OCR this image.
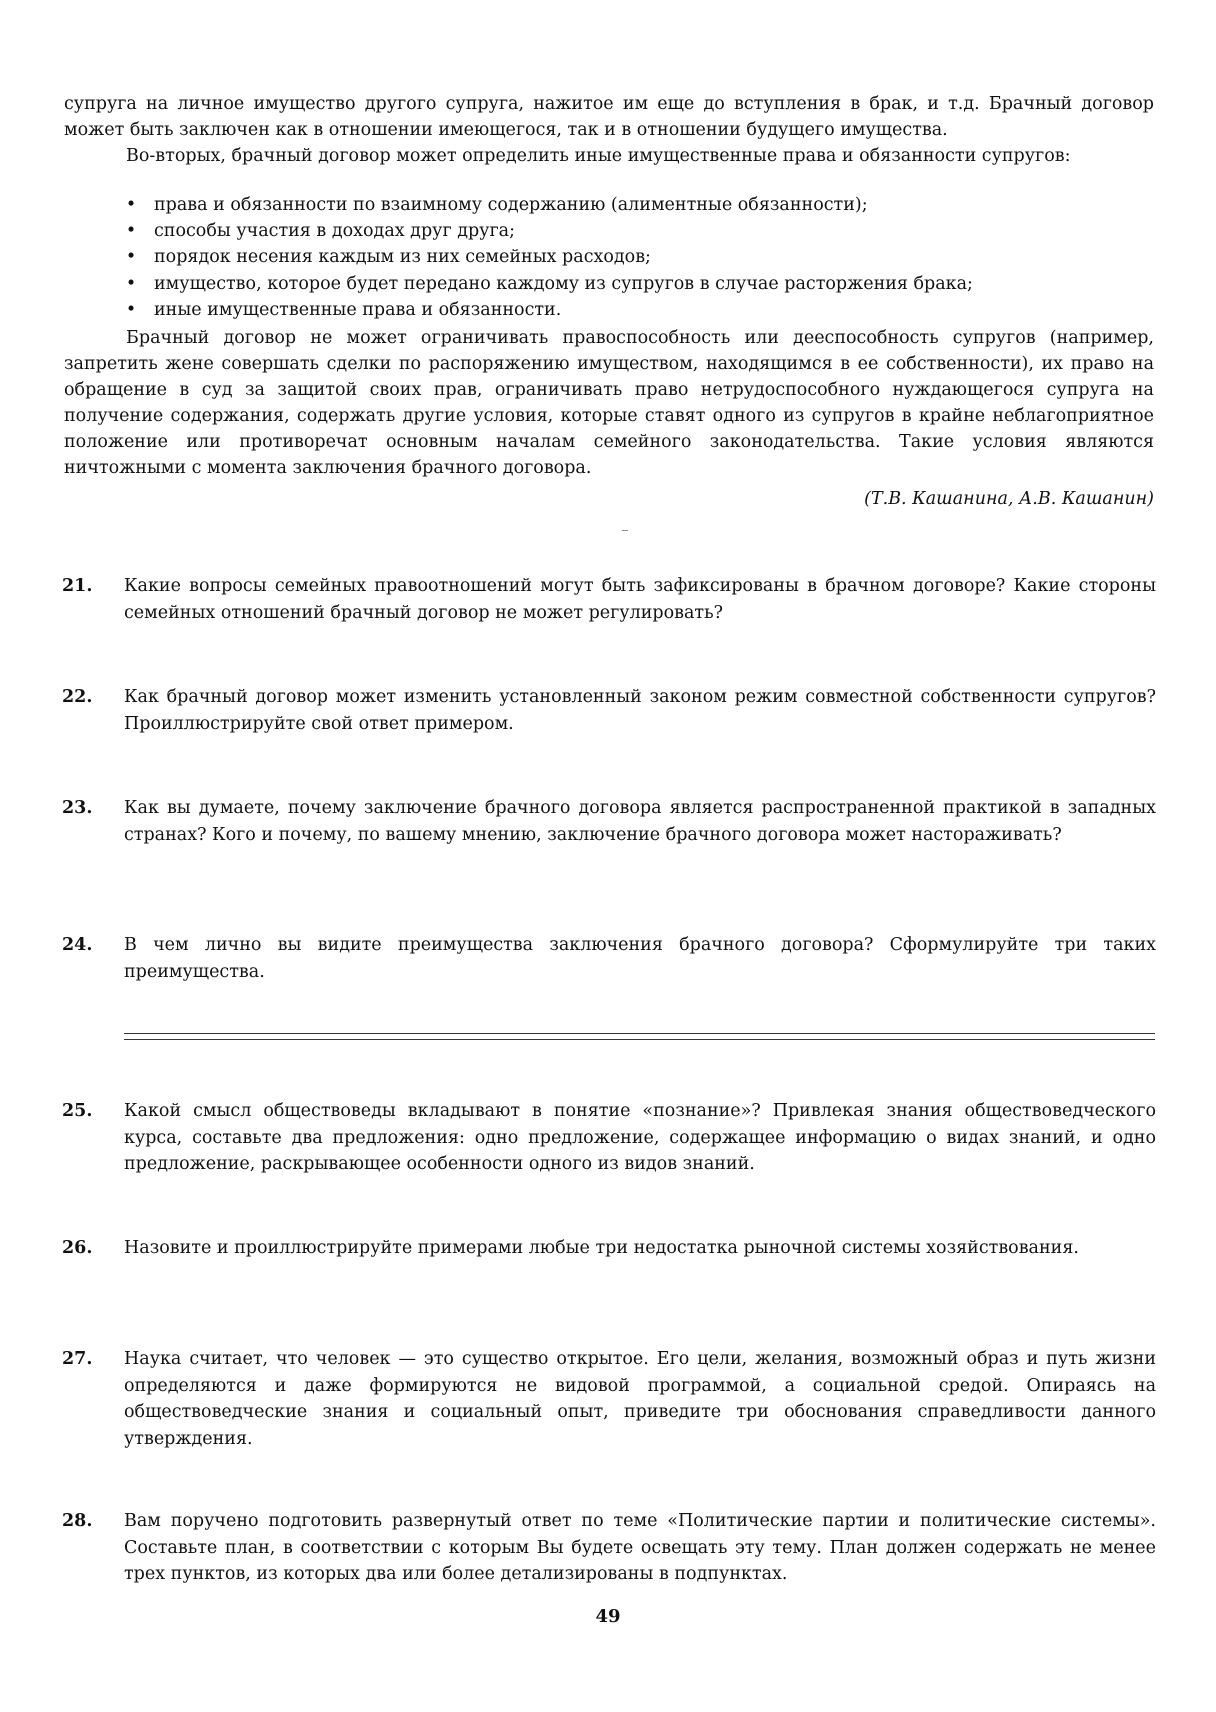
супруга на личное имущество другого супруга, нажитое им еще до вступления в брак, и т.д. Брачный договор может быть заключен как в отношении имеющегося, так и в отношении будущего имущества.

Во-вторых, брачный договор может определить иные имущественные права и обязанности супругов:

• права и обязанности по взаимному содержанию (алиментные обязанности);
• способы участия в доходах друг друга;
• порядок несения каждым из них семейных расходов;
• имущество, которое будет передано каждому из супругов в случае расторжения брака;
• иные имущественные права и обязанности.

Брачный договор не может ограничивать правоспособность или дееспособность супругов (например, запретить жене совершать сделки по распоряжению имуществом, находящимся в ее собственности), их право на обращение в суд за защитой своих прав, ограничивать право нетрудоспособного нуждающегося супруга на получение содержания, содержать другие условия, которые ставят одного из супругов в крайне неблагоприятное положение или противоречат основным началам семейного законодательства. Такие условия являются ничтожными с момента заключения брачного договора.

(Т.В. Кашанина, А.В. Кашанин)
21. Какие вопросы семейных правоотношений могут быть зафиксированы в брачном договоре? Какие стороны семейных отношений брачный договор не может регулировать?
22. Как брачный договор может изменить установленный законом режим совместной собственности супругов? Проиллюстрируйте свой ответ примером.
23. Как вы думаете, почему заключение брачного договора является распространенной практикой в западных странах? Кого и почему, по вашему мнению, заключение брачного договора может настораживать?
24. В чем лично вы видите преимущества заключения брачного договора? Сформулируйте три таких преимущества.
25. Какой смысл обществоведы вкладывают в понятие «познание»? Привлекая знания обществоведческого курса, составьте два предложения: одно предложение, содержащее информацию о видах знаний, и одно предложение, раскрывающее особенности одного из видов знаний.
26. Назовите и проиллюстрируйте примерами любые три недостатка рыночной системы хозяйствования.
27. Наука считает, что человек — это существо открытое. Его цели, желания, возможный образ и путь жизни определяются и даже формируются не видовой программой, а социальной средой. Опираясь на обществоведческие знания и социальный опыт, приведите три обоснования справедливости данного утверждения.
28. Вам поручено подготовить развернутый ответ по теме «Политические партии и политические системы». Составьте план, в соответствии с которым Вы будете освещать эту тему. План должен содержать не менее трех пунктов, из которых два или более детализированы в подпунктах.
49
